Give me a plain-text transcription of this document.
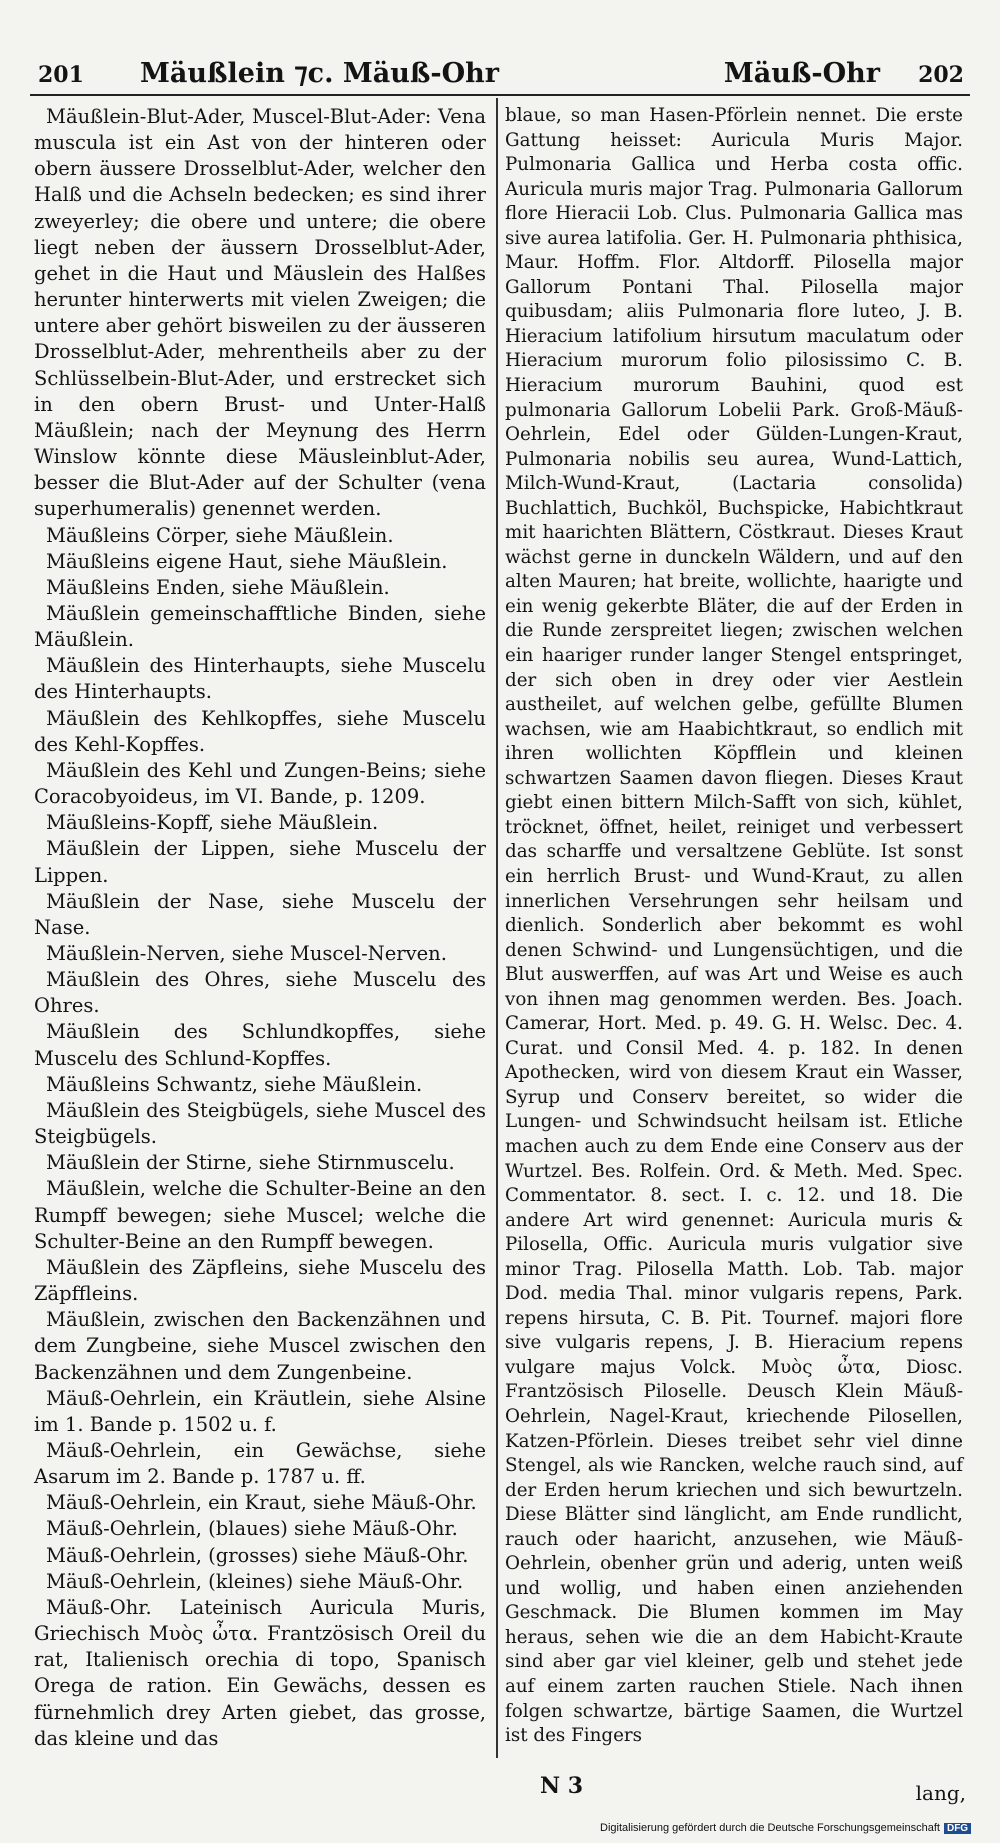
201 Mäußlein ⁊c. Mäuß-Ohr	Mäuß-Ohr 202

Mäußlein-Blut-Ader, Muscel-Blut-Ader: Vena muscula ist ein Ast von der hinteren oder obern äussere Drosselblut-Ader, welcher den Halß und die Achseln bedecken; es sind ihrer zweyerley; die obere und untere; die obere liegt neben der äussern Drosselblut-Ader, gehet in die Haut und Mäuslein des Halßes herunter hinterwerts mit vielen Zweigen; die untere aber gehört bisweilen zu der äusseren Drosselblut-Ader, mehrentheils aber zu der Schlüsselbein-Blut-Ader, und erstrecket sich in den obern Brust- und Unter-Halß Mäußlein; nach der Meynung des Herrn Winslow könnte diese Mäusleinblut-Ader, besser die Blut-Ader auf der Schulter (vena superhumeralis) genennet werden.

Mäußleins Cörper, siehe Mäußlein.

Mäußleins eigene Haut, siehe Mäußlein.

Mäußleins Enden, siehe Mäußlein.

Mäußlein gemeinschafftliche Binden, siehe Mäußlein.

Mäußlein des Hinterhaupts, siehe Muscelu des Hinterhaupts.

Mäußlein des Kehlkopffes, siehe Muscelu des Kehl-Kopffes.

Mäußlein des Kehl und Zungen-Beins; siehe Coracobyoideus, im VI. Bande, p. 1209.

Mäußleins-Kopff, siehe Mäußlein.

Mäußlein der Lippen, siehe Muscelu der Lippen.

Mäußlein der Nase, siehe Muscelu der Nase.

Mäußlein-Nerven, siehe Muscel-Nerven.

Mäußlein des Ohres, siehe Muscelu des Ohres.

Mäußlein des Schlundkopffes, siehe Muscelu des Schlund-Kopffes.

Mäußleins Schwantz, siehe Mäußlein.

Mäußlein des Steigbügels, siehe Muscel des Steigbügels.

Mäußlein der Stirne, siehe Stirnmuscelu.

Mäußlein, welche die Schulter-Beine an den Rumpff bewegen; siehe Muscel; welche die Schulter-Beine an den Rumpff bewegen.

Mäußlein des Zäpfleins, siehe Muscelu des Zäpffleins.

Mäußlein, zwischen den Backenzähnen und dem Zungbeine, siehe Muscel zwischen den Backenzähnen und dem Zungenbeine.

Mäuß-Oehrlein, ein Kräutlein, siehe Alsine im 1. Bande p. 1502 u. f.

Mäuß-Oehrlein, ein Gewächse, siehe Asarum im 2. Bande p. 1787 u. ff.

Mäuß-Oehrlein, ein Kraut, siehe Mäuß-Ohr.

Mäuß-Oehrlein, (blaues) siehe Mäuß-Ohr.

Mäuß-Oehrlein, (grosses) siehe Mäuß-Ohr.

Mäuß-Oehrlein, (kleines) siehe Mäuß-Ohr.

Mäuß-Ohr. Lateinisch Auricula Muris, Griechisch Μυὸς ὦτα. Frantzösisch Oreil du rat, Italienisch orechia di topo, Spanisch Orega de ration. Ein Gewächs, dessen es fürnehmlich drey Arten giebet, das grosse, das kleine und das

blaue, so man Hasen-Pförlein nennet. Die erste Gattung heisset: Auricula Muris Major. Pulmonaria Gallica und Herba costa offic. Auricula muris major Trag. Pulmonaria Gallorum flore Hieracii Lob. Clus. Pulmonaria Gallica mas sive aurea latifolia. Ger. H. Pulmonaria phthisica, Maur. Hoffm. Flor. Altdorff. Pilosella major Gallorum Pontani Thal. Pilosella major quibusdam; aliis Pulmonaria flore luteo, J. B. Hieracium latifolium hirsutum maculatum oder Hieracium murorum folio pilosissimo C. B. Hieracium murorum Bauhini, quod est pulmonaria Gallorum Lobelii Park. Groß-Mäuß-Oehrlein, Edel oder Gülden-Lungen-Kraut, Pulmonaria nobilis seu aurea, Wund-Lattich, Milch-Wund-Kraut, (Lactaria consolida) Buchlattich, Buchköl, Buchspicke, Habichtkraut mit haarichten Blättern, Cöstkraut. Dieses Kraut wächst gerne in dunckeln Wäldern, und auf den alten Mauren; hat breite, wollichte, haarigte und ein wenig gekerbte Bläter, die auf der Erden in die Runde zerspreitet liegen; zwischen welchen ein haariger runder langer Stengel entspringet, der sich oben in drey oder vier Aestlein austheilet, auf welchen gelbe, gefüllte Blumen wachsen, wie am Haabichtkraut, so endlich mit ihren wollichten Köpfflein und kleinen schwartzen Saamen davon fliegen. Dieses Kraut giebt einen bittern Milch-Safft von sich, kühlet, tröcknet, öffnet, heilet, reiniget und verbessert das scharffe und versaltzene Geblüte. Ist sonst ein herrlich Brust- und Wund-Kraut, zu allen innerlichen Versehrungen sehr heilsam und dienlich. Sonderlich aber bekommt es wohl denen Schwind- und Lungensüchtigen, und die Blut auswerffen, auf was Art und Weise es auch von ihnen mag genommen werden. Bes. Joach. Camerar, Hort. Med. p. 49. G. H. Welsc. Dec. 4. Curat. und Consil Med. 4. p. 182. In denen Apothecken, wird von diesem Kraut ein Wasser, Syrup und Conserv bereitet, so wider die Lungen- und Schwindsucht heilsam ist. Etliche machen auch zu dem Ende eine Conserv aus der Wurtzel. Bes. Rolfein. Ord. & Meth. Med. Spec. Commentator. 8. sect. I. c. 12. und 18. Die andere Art wird genennet: Auricula muris & Pilosella, Offic. Auricula muris vulgatior sive minor Trag. Pilosella Matth. Lob. Tab. major Dod. media Thal. minor vulgaris repens, Park. repens hirsuta, C. B. Pit. Tournef. majori flore sive vulgaris repens, J. B. Hieracium repens vulgare majus Volck. Μυὸς ὦτα, Diosc. Frantzösisch Piloselle. Deusch Klein Mäuß-Oehrlein, Nagel-Kraut, kriechende Pilosellen, Katzen-Pförlein. Dieses treibet sehr viel dinne Stengel, als wie Rancken, welche rauch sind, auf der Erden herum kriechen und sich bewurtzeln. Diese Blätter sind länglicht, am Ende rundlicht, rauch oder haaricht, anzusehen, wie Mäuß-Oehrlein, obenher grün und aderig, unten weiß und wollig, und haben einen anziehenden Geschmack. Die Blumen kommen im May heraus, sehen wie die an dem Habicht-Kraute sind aber gar viel kleiner, gelb und stehet jede auf einem zarten rauchen Stiele. Nach ihnen folgen schwartze, bärtige Saamen, die Wurtzel ist des Fingers

N 3	lang,
Digitalisierung gefördert durch die Deutsche Forschungsgemeinschaft DFG
